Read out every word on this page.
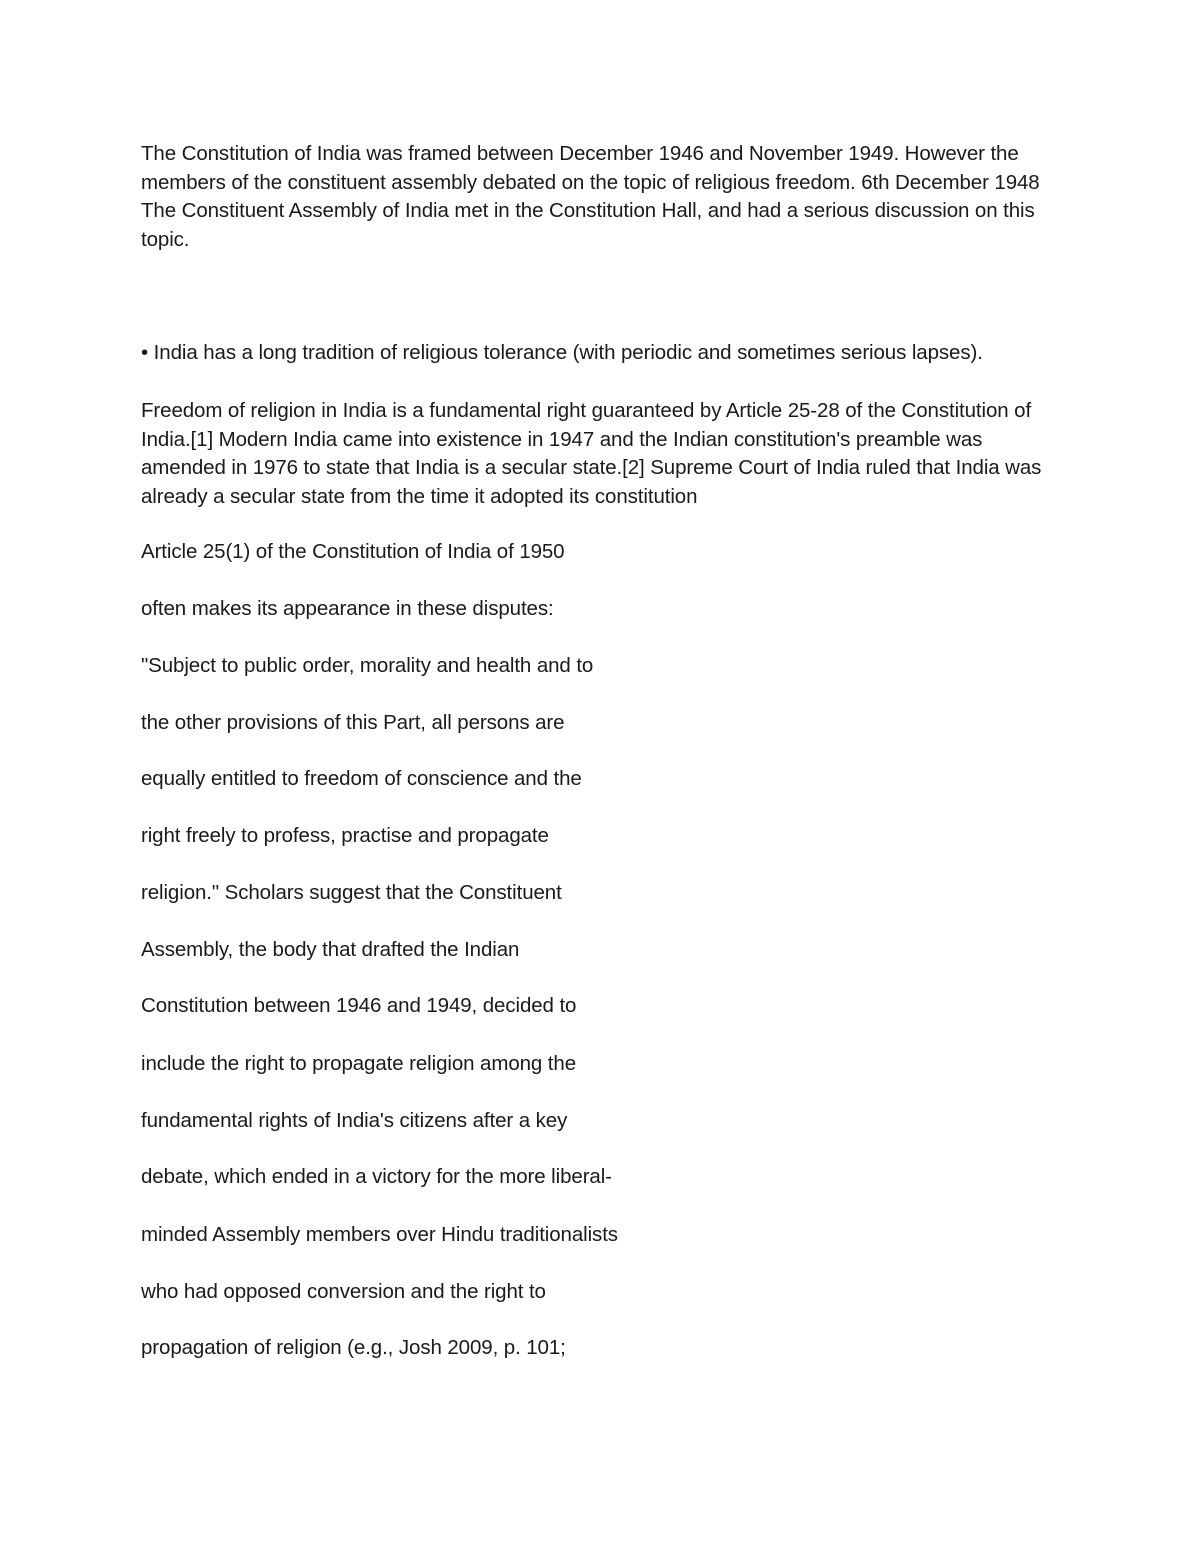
The Constitution of India was framed between December 1946 and November 1949. However the members of the constituent assembly debated on the topic of religious freedom. 6th December 1948 The Constituent Assembly of India met in the Constitution Hall, and had a serious discussion on this topic.

• India has a long tradition of religious tolerance (with periodic and sometimes serious lapses).

Freedom of religion in India is a fundamental right guaranteed by Article 25-28 of the Constitution of India.[1] Modern India came into existence in 1947 and the Indian constitution's preamble was amended in 1976 to state that India is a secular state.[2] Supreme Court of India ruled that India was already a secular state from the time it adopted its constitution

Article 25(1) of the Constitution of India of 1950

often makes its appearance in these disputes:

"Subject to public order, morality and health and to

the other provisions of this Part, all persons are

equally entitled to freedom of conscience and the

right freely to profess, practise and propagate

religion." Scholars suggest that the Constituent

Assembly, the body that drafted the Indian

Constitution between 1946 and 1949, decided to

include the right to propagate religion among the

fundamental rights of India's citizens after a key

debate, which ended in a victory for the more liberal-

minded Assembly members over Hindu traditionalists

who had opposed conversion and the right to

propagation of religion (e.g., Josh 2009, p. 101;
